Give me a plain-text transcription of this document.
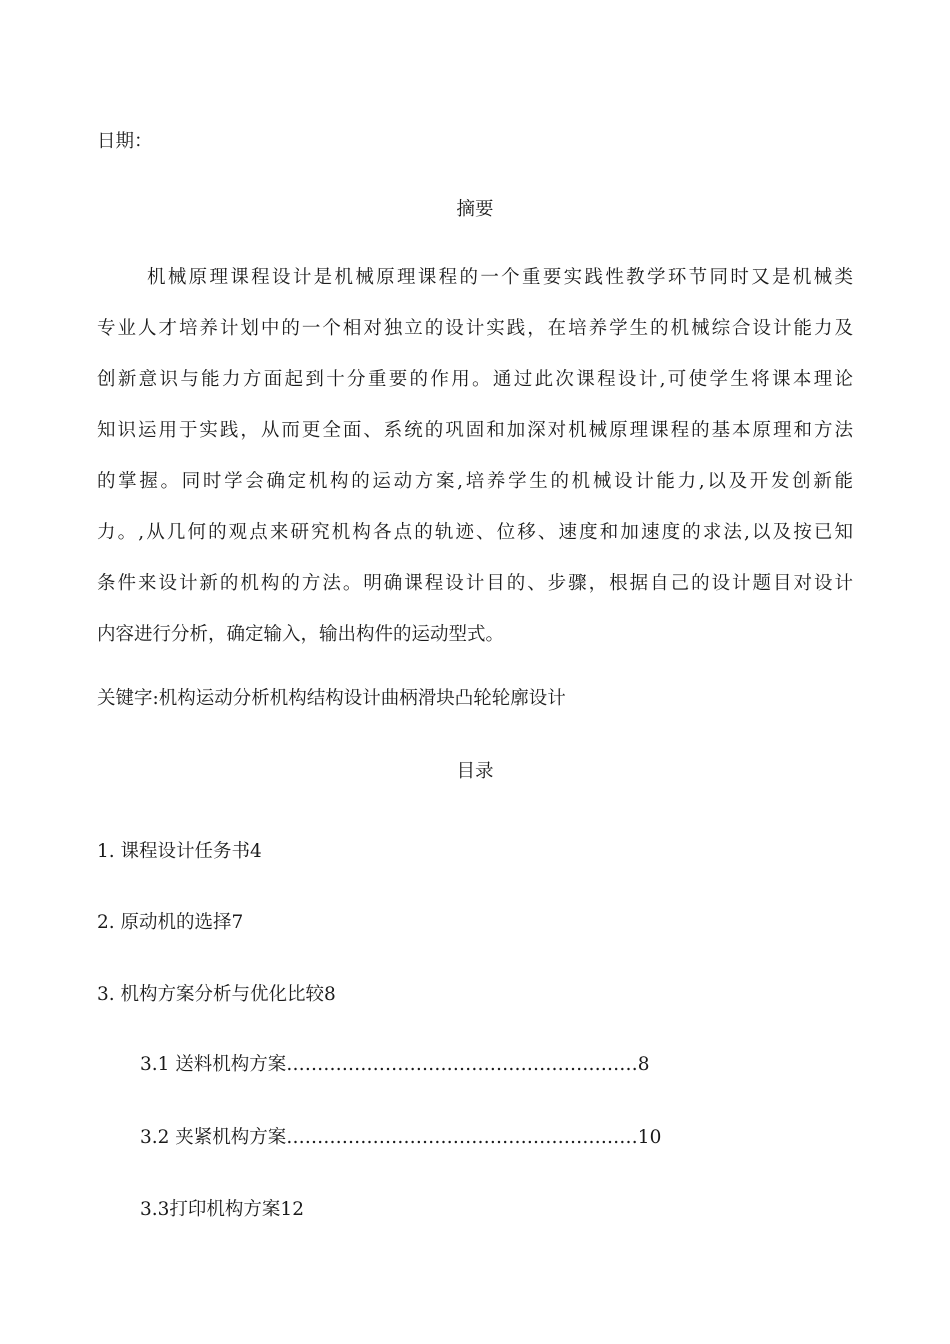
日期：

摘要

机械原理课程设计是机械原理课程的一个重要实践性教学环节同时又是机械类
专业人才培养计划中的一个相对独立的设计实践，在培养学生的机械综合设计能力及
创新意识与能力方面起到十分重要的作用。通过此次课程设计,可使学生将课本理论
知识运用于实践，从而更全面、系统的巩固和加深对机械原理课程的基本原理和方法
的掌握。同时学会确定机构的运动方案,培养学生的机械设计能力,以及开发创新能
力。,从几何的观点来研究机构各点的轨迹、位移、速度和加速度的求法,以及按已知
条件来设计新的机构的方法。明确课程设计目的、步骤，根据自己的设计题目对设计
内容进行分析，确定输入，输出构件的运动型式。

关键字:机构运动分析机构结构设计曲柄滑块凸轮轮廓设计

目录

1. 课程设计任务书4

2. 原动机的选择7

3. 机构方案分析与优化比较8

3.1 送料机构方案…………………………………………………8

3.2 夹紧机构方案…………………………………………………10

3.3打印机构方案12
